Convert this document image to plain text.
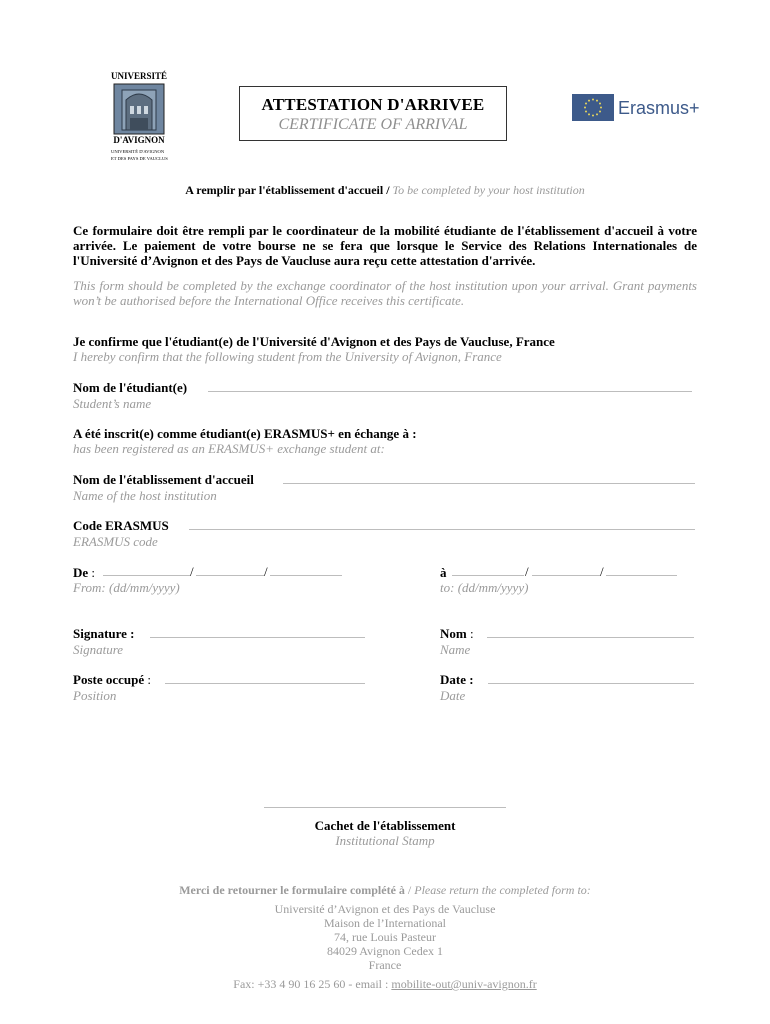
UNIVERSITÉ
D'AVIGNON
UNIVERSITÉ D'AVIGNON
ET DES PAYS DE VAUCLUSE
ATTESTATION D'ARRIVEE
CERTIFICATE OF ARRIVAL
Erasmus+
A remplir par l'établissement d'accueil / To be completed by your host institution
Ce formulaire doit être rempli par le coordinateur de la mobilité étudiante de l'établissement d'accueil à votre arrivée. Le paiement de votre bourse ne se fera que lorsque le Service des Relations Internationales de l'Université d’Avignon et des Pays de Vaucluse aura reçu cette attestation d'arrivée.
This form should be completed by the exchange coordinator of the host institution upon your arrival. Grant payments won’t be authorised before the International Office receives this certificate.
Je confirme que l'étudiant(e) de l'Université d'Avignon et des Pays de Vaucluse, France
I hereby confirm that the following student from the University of Avignon, France
Nom de l'étudiant(e)
Student’s name
A été inscrit(e) comme étudiant(e) ERASMUS+ en échange à :
has been registered as an ERASMUS+ exchange student at:
Nom de l'établissement d'accueil
Name of the host institution
Code ERASMUS
ERASMUS code
De :	/	/
From: (dd/mm/yyyy)
à	/	/
to: (dd/mm/yyyy)
Signature :
Signature
Nom :
Name
Poste occupé :
Position
Date :
Date
Cachet de l'établissement
Institutional Stamp
Merci de retourner le formulaire complété à / Please return the completed form to:
Université d’Avignon et des Pays de Vaucluse
Maison de l’International
74, rue Louis Pasteur
84029 Avignon Cedex 1
France
Fax: +33 4 90 16 25 60 - email : mobilite-out@univ-avignon.fr
